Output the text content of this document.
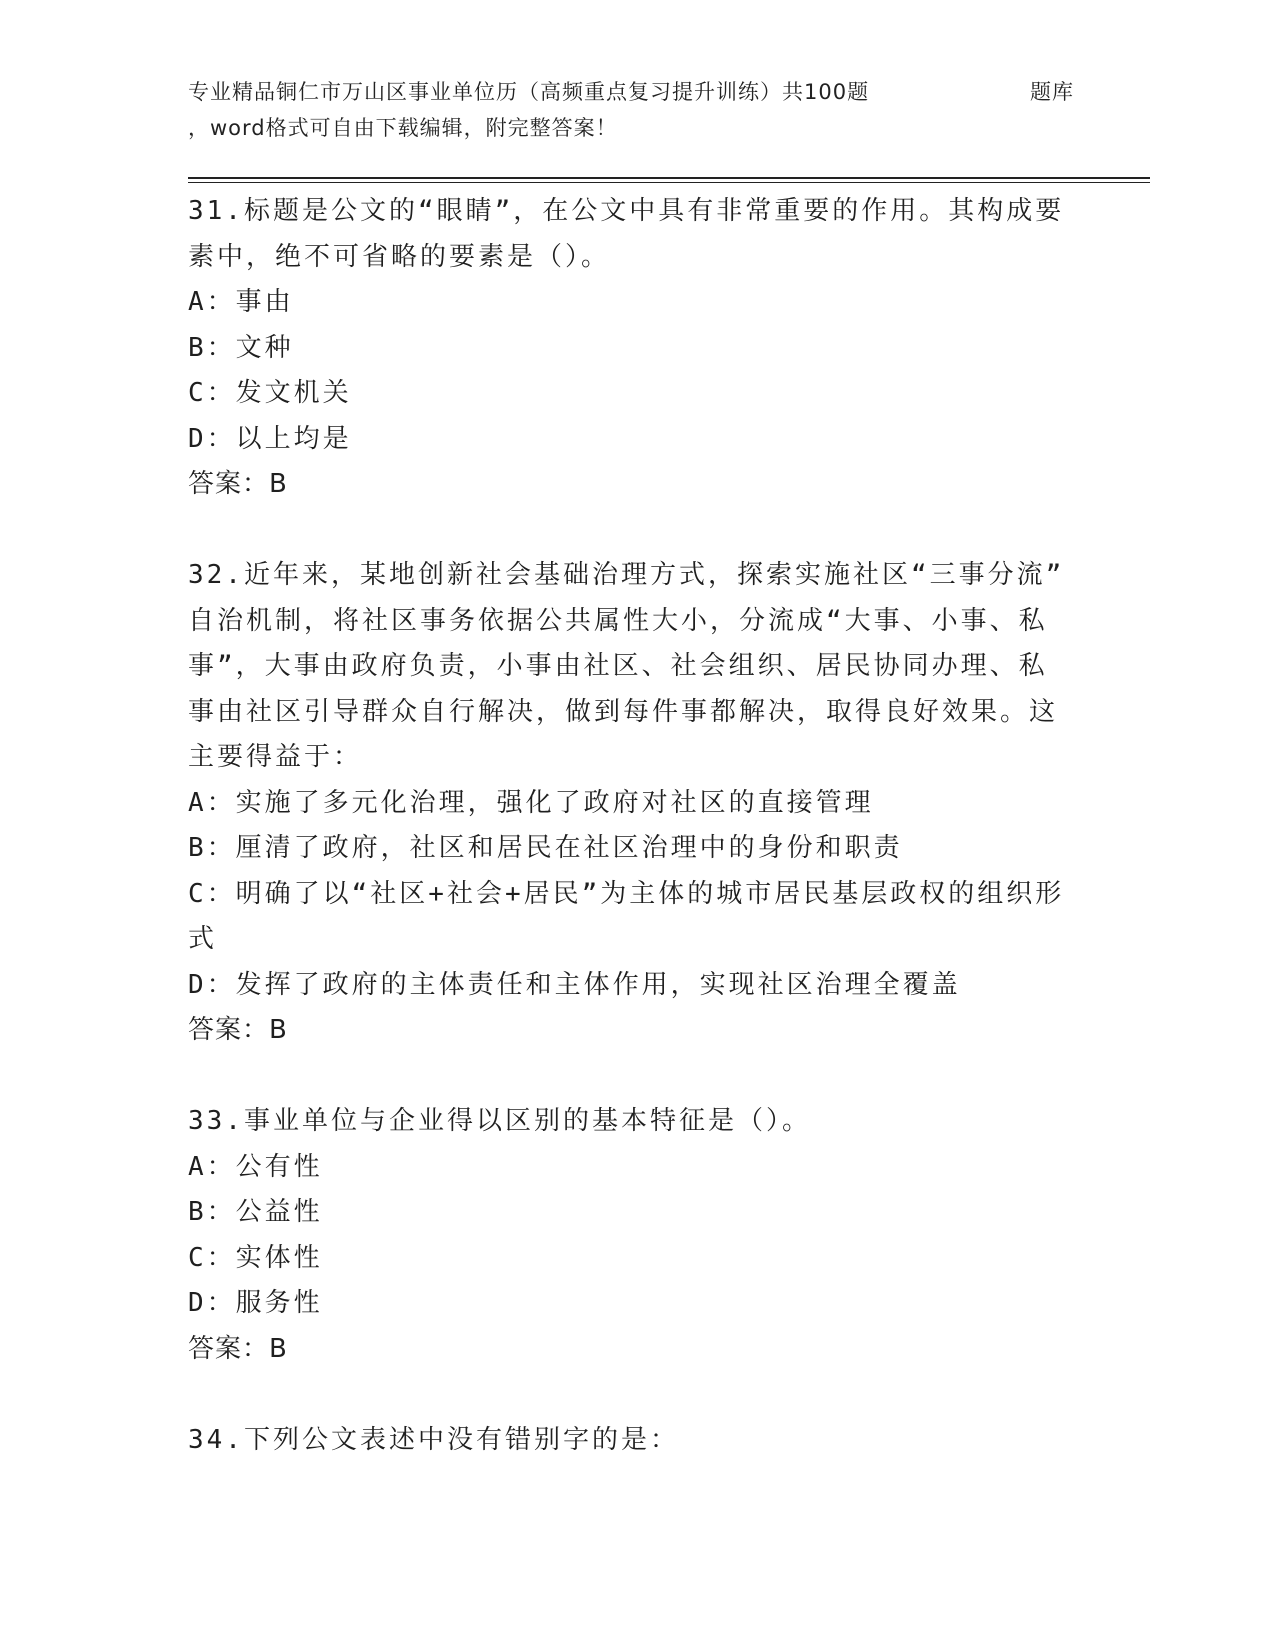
专业精品铜仁市万山区事业单位历（高频重点复习提升训练）共100题	题库
，word格式可自由下载编辑，附完整答案！

31.标题是公文的“眼睛”，在公文中具有非常重要的作用。其构成要

素中，绝不可省略的要素是（）。

A：事由

B：文种

C：发文机关

D：以上均是

答案：B

32.近年来，某地创新社会基础治理方式，探索实施社区“三事分流”

自治机制，将社区事务依据公共属性大小，分流成“大事、小事、私

事”，大事由政府负责，小事由社区、社会组织、居民协同办理、私

事由社区引导群众自行解决，做到每件事都解决，取得良好效果。这

主要得益于：

A：实施了多元化治理，强化了政府对社区的直接管理

B：厘清了政府，社区和居民在社区治理中的身份和职责

C：明确了以“社区+社会+居民”为主体的城市居民基层政权的组织形

式

D：发挥了政府的主体责任和主体作用，实现社区治理全覆盖

答案：B

33.事业单位与企业得以区别的基本特征是（）。

A：公有性

B：公益性

C：实体性

D：服务性

答案：B

34.下列公文表述中没有错别字的是：
